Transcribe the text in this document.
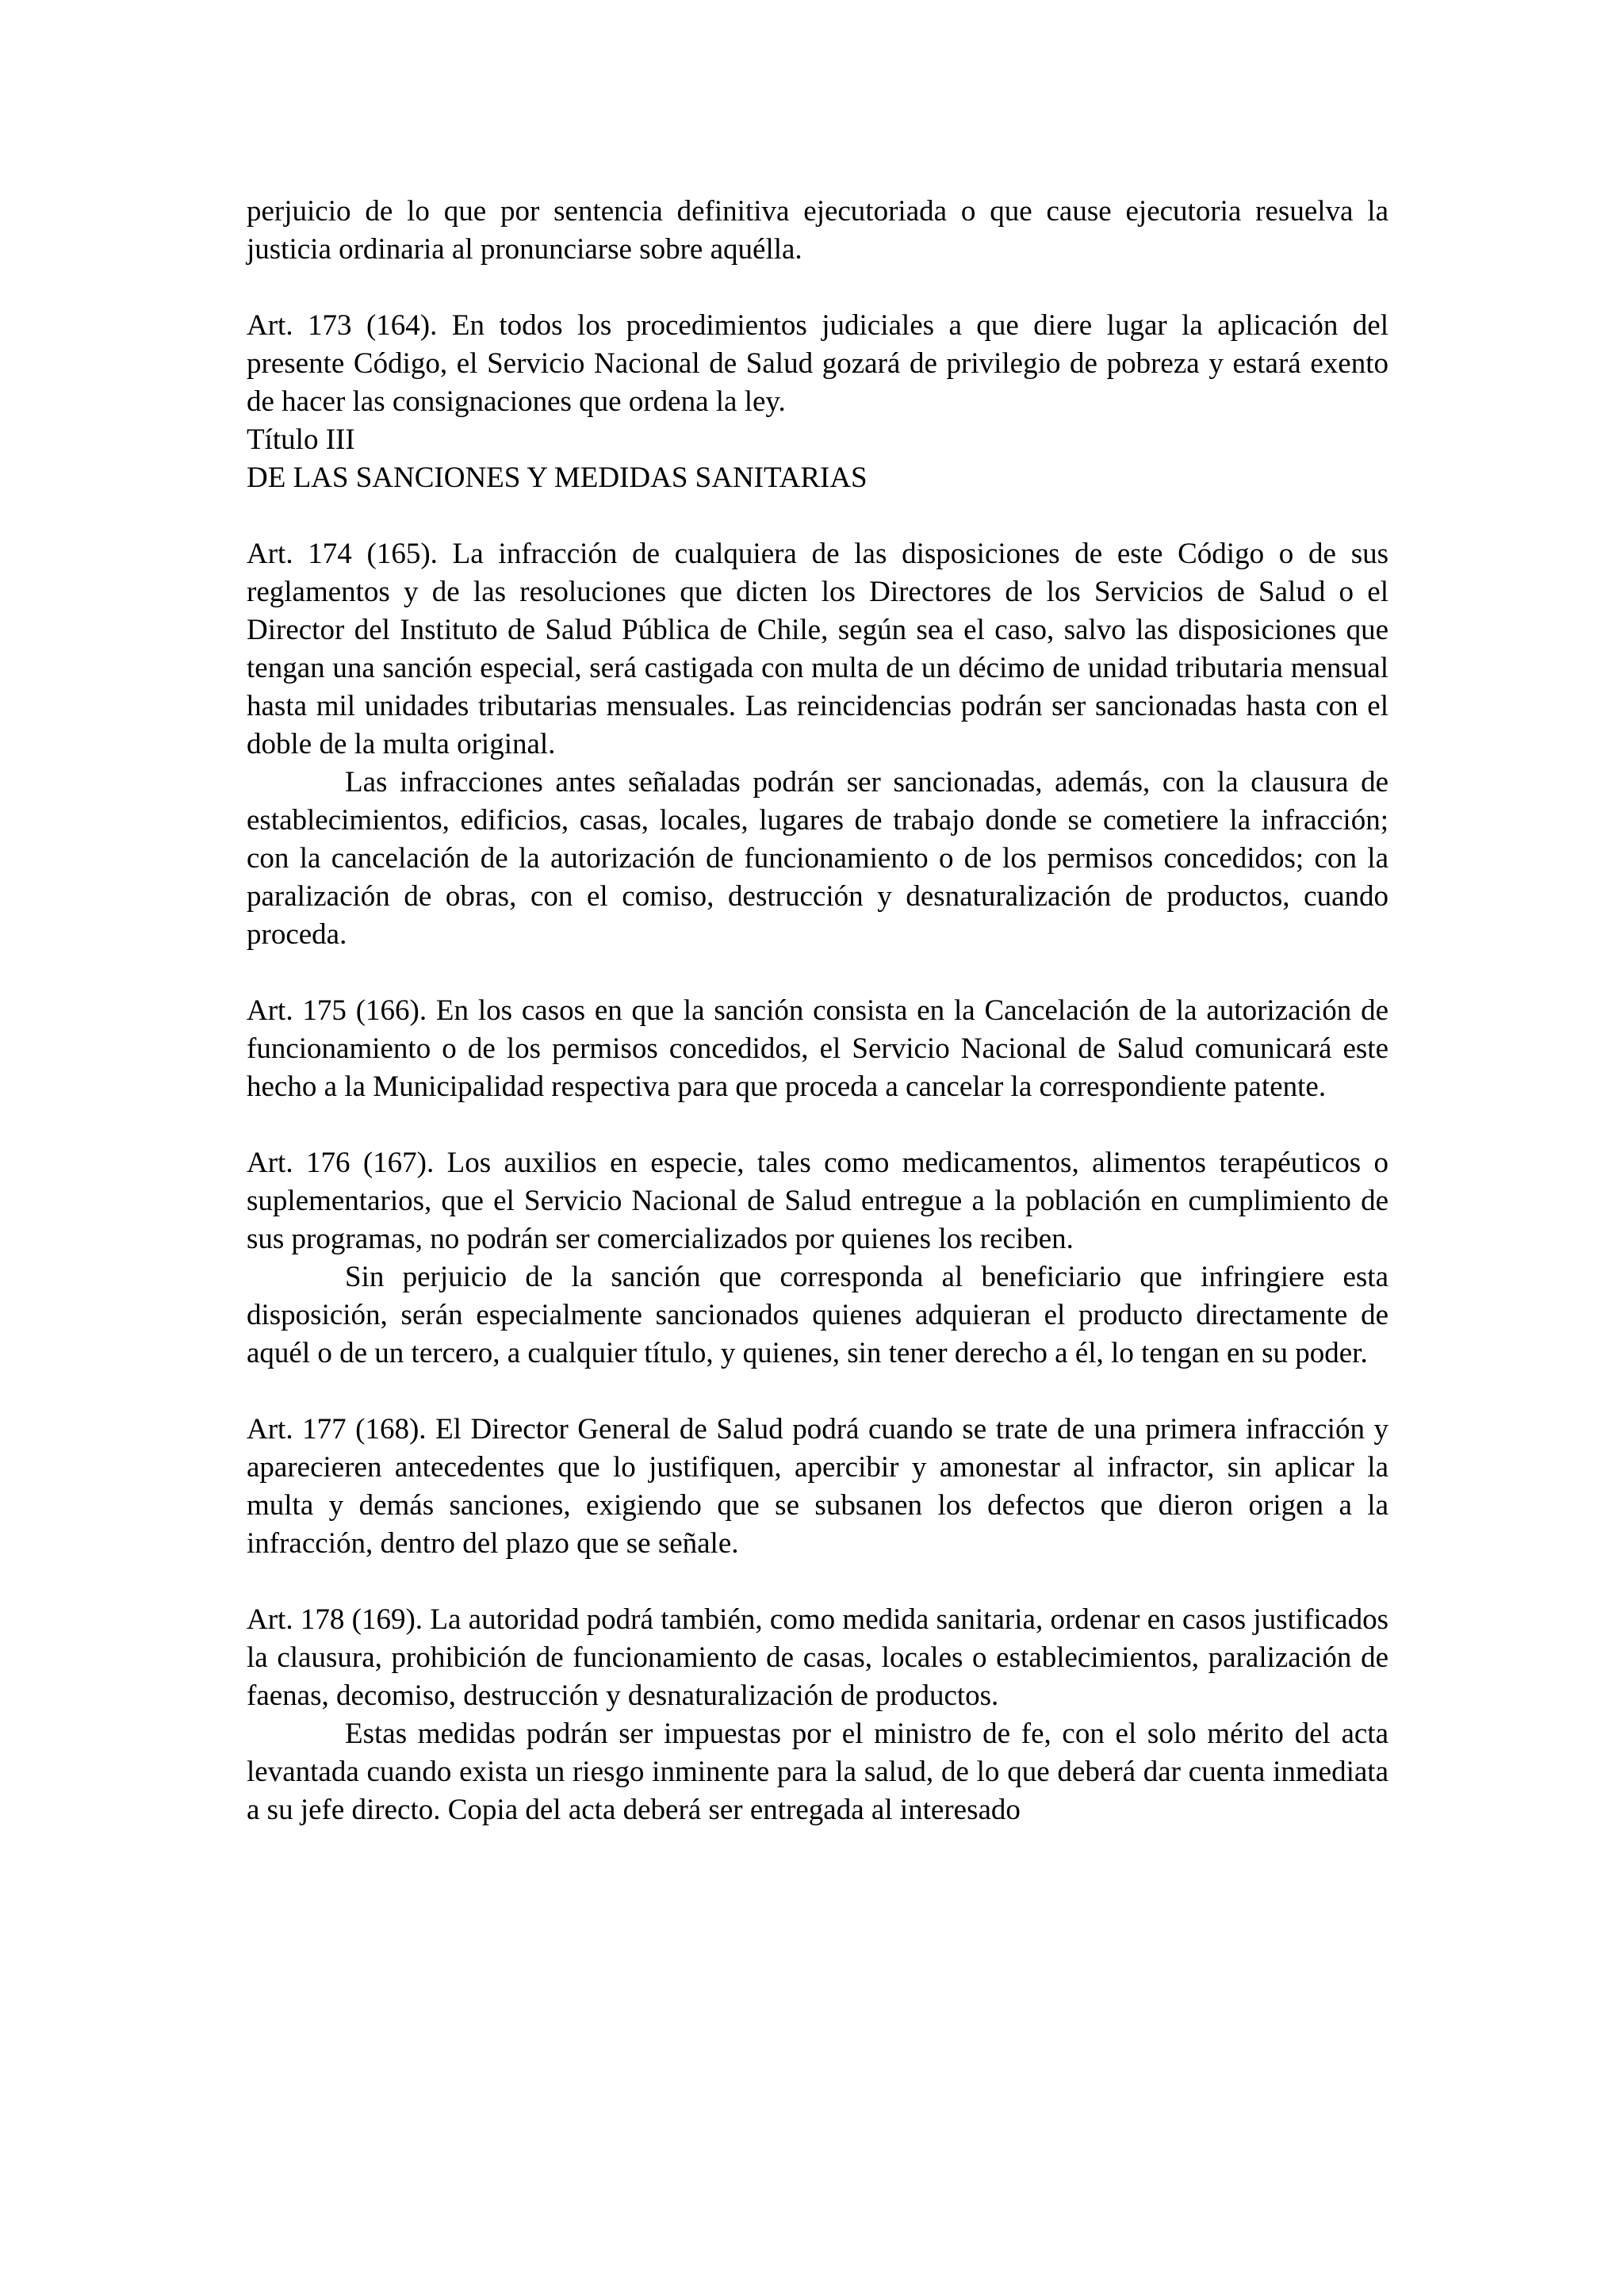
perjuicio de lo que por sentencia definitiva ejecutoriada o que cause ejecutoria resuelva la justicia ordinaria al pronunciarse sobre aquélla.

Art. 173 (164). En todos los procedimientos judiciales a que diere lugar la aplicación del presente Código, el Servicio Nacional de Salud gozará de privilegio de pobreza y estará exento de hacer las consignaciones que ordena la ley.

Título III

DE LAS SANCIONES Y MEDIDAS SANITARIAS

Art. 174 (165). La infracción de cualquiera de las disposiciones de este Código o de sus reglamentos y de las resoluciones que dicten los Directores de los Servicios de Salud o el Director del Instituto de Salud Pública de Chile, según sea el caso, salvo las disposiciones que tengan una sanción especial, será castigada con multa de un décimo de unidad tributaria mensual hasta mil unidades tributarias mensuales. Las reincidencias podrán ser sancionadas hasta con el doble de la multa original.

Las infracciones antes señaladas podrán ser sancionadas, además, con la clausura de establecimientos, edificios, casas, locales, lugares de trabajo donde se cometiere la infracción; con la cancelación de la autorización de funcionamiento o de los permisos concedidos; con la paralización de obras, con el comiso, destrucción y desnaturalización de productos, cuando proceda.

Art. 175 (166). En los casos en que la sanción consista en la Cancelación de la autorización de funcionamiento o de los permisos concedidos, el Servicio Nacional de Salud comunicará este hecho a la Municipalidad respectiva para que proceda a cancelar la correspondiente patente.

Art. 176 (167). Los auxilios en especie, tales como medicamentos, alimentos terapéuticos o suplementarios, que el Servicio Nacional de Salud entregue a la población en cumplimiento de sus programas, no podrán ser comercializados por quienes los reciben.

Sin perjuicio de la sanción que corresponda al beneficiario que infringiere esta disposición, serán especialmente sancionados quienes adquieran el producto directamente de aquél o de un tercero, a cualquier título, y quienes, sin tener derecho a él, lo tengan en su poder.

Art. 177 (168). El Director General de Salud podrá cuando se trate de una primera infracción y aparecieren antecedentes que lo justifiquen, apercibir y amonestar al infractor, sin aplicar la multa y demás sanciones, exigiendo que se subsanen los defectos que dieron origen a la infracción, dentro del plazo que se señale.

Art. 178 (169). La autoridad podrá también, como medida sanitaria, ordenar en casos justificados la clausura, prohibición de funcionamiento de casas, locales o establecimientos, paralización de faenas, decomiso, destrucción y desnaturalización de productos.

Estas medidas podrán ser impuestas por el ministro de fe, con el solo mérito del acta levantada cuando exista un riesgo inminente para la salud, de lo que deberá dar cuenta inmediata a su jefe directo. Copia del acta deberá ser entregada al interesado
